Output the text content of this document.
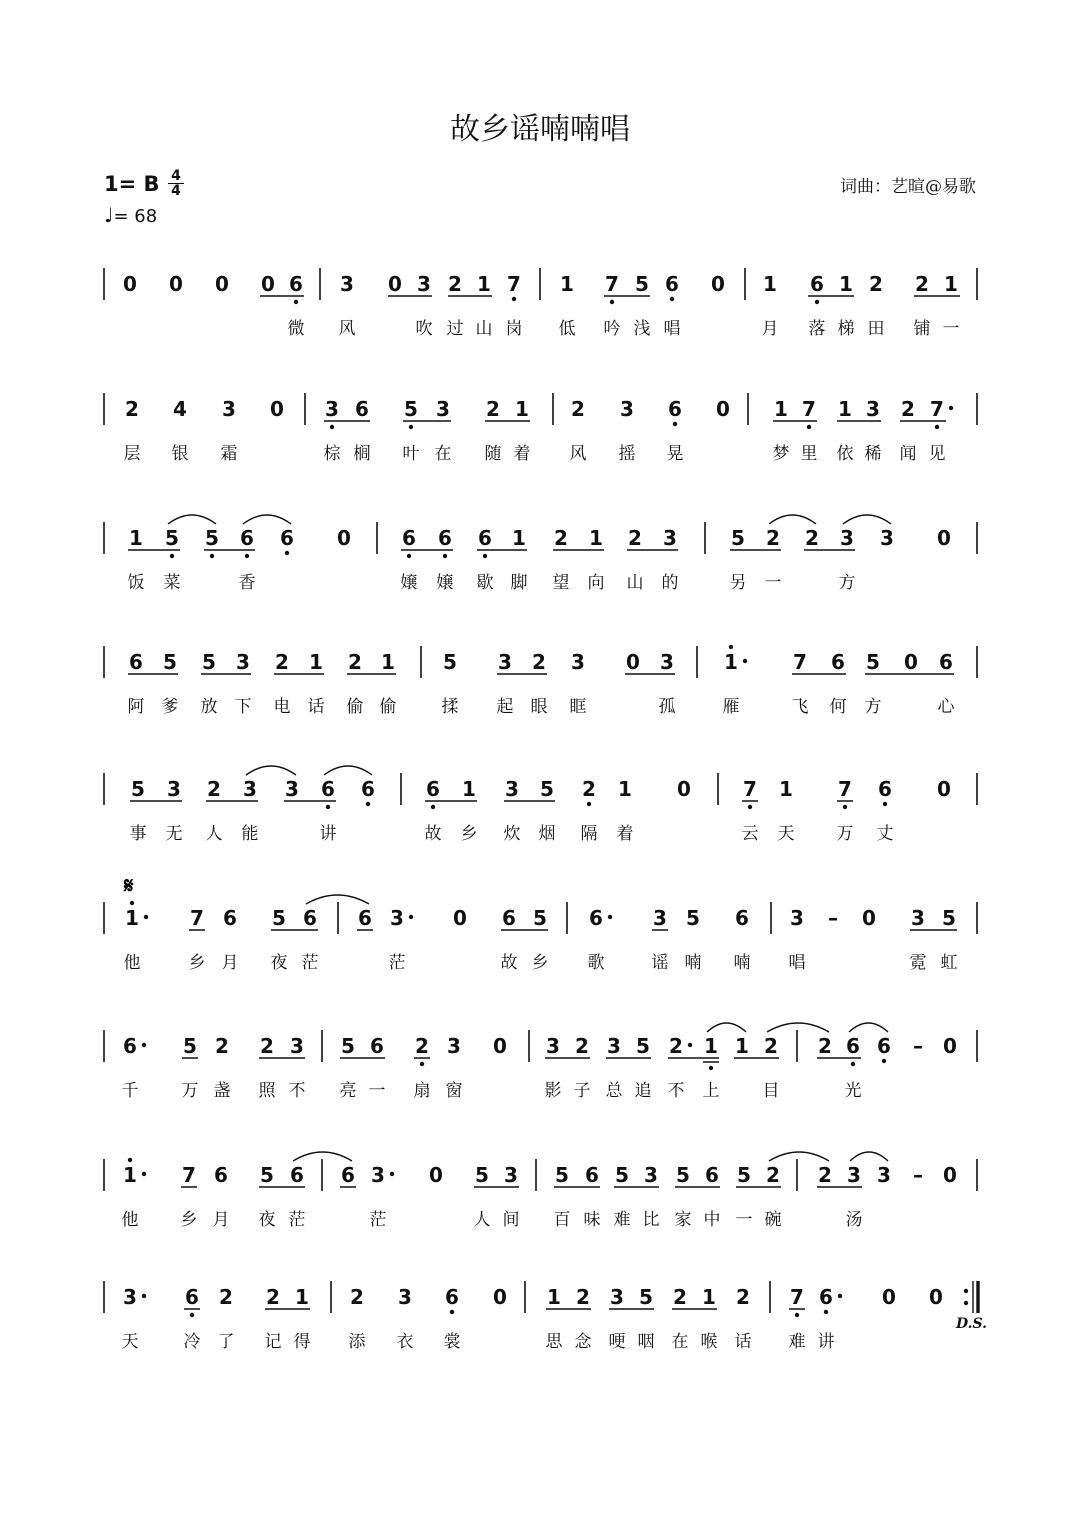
故乡谣喃喃唱
1= B 4
4
♩= 68
词曲：艺暄@易歌
𝄋
0 0 0 0 6 3 0 3 2 1 7 1 7 5 6 0 1 6 1 2 2 1
微 风	吹 过 山 岗 低 吟 浅 唱	月 落 梯 田 铺 一
2 4 3 0 3 6 5 3 2 1 2 3 6 0 1 7 1 3 2 7
层 银 霜	棕 榈 叶 在 随 着 风 摇 晃	梦 里 依 稀 闻 见
1 5 5 6 6 0	6 6 6 1 2 1 2 3	5 2 2 3 3 0
饭 菜	香	嬢 嬢 歇 脚 望 向 山 的	另 一	方
6 5 5 3 2 1 2 1 5 3 2 3 0 3	1	7 6 5 0 6
阿 爹 放 下 电 话 偷 偷	揉 起 眼 眶	孤	雁	飞 何 方	心
5 3 2 3 3 6 6	6 1 3 5 2 1 0	7 1 7 6 0
事 无 人 能	讲	故 乡 炊 烟 隔 着	云 天 万 丈
1	7 6 5 6 6 3 0 6 5 6	3 5 6 3 – 0 3 5
他	乡 月 夜 茫	茫	故 乡 歌	谣 喃 喃 唱	霓 虹
6 5 2 2 3 5 6 2 3 0 3 2 3 5 2 1 1 2 2 6 6 – 0
千	万 盏 照 不 亮 一 扇 窗	影 子 总 追 不 上	目	光
1 7 6 5 6 6 3 0 5 3 5 6 5 3 5 6 5 2 2 3 3 – 0
他 乡 月 夜 茫	茫	人 间 百 味 难 比 家 中 一 碗	汤
3 6 2 2 1 2 3 6 0 1 2 3 5 2 1 2 7 6 0 0
天	冷 了 记 得 添 衣 裳	思 念 哽 咽 在 喉 话 难 讲
D.S.
